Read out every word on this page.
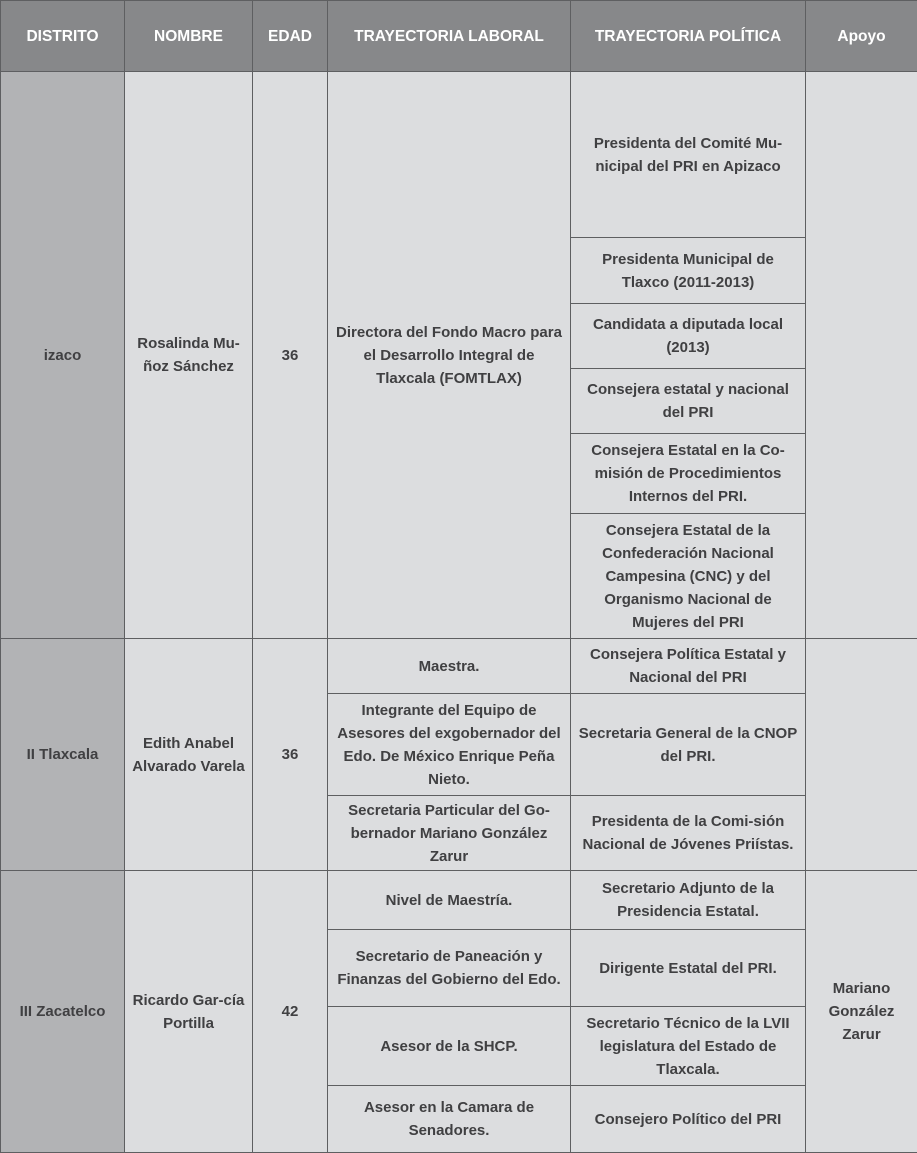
DISTRITO	NOMBRE	EDAD	TRAYECTORIA LABORAL	TRAYECTORIA POLÍTICA	Apoyo
izaco	Rosalinda Mu-ñoz Sánchez	36	Directora del Fondo Macro para el Desarrollo Integral de Tlaxcala (FOMTLAX)	Presidenta del Comité Mu-nicipal del PRI en Apizaco	
				Presidenta Municipal de Tlaxco (2011-2013)	
				Candidata a diputada local (2013)	
				Consejera estatal y nacional del PRI	
				Consejera Estatal en la Co-misión de Procedimientos Internos del PRI.	
				Consejera Estatal de la Confederación Nacional Campesina (CNC) y del Organismo Nacional de Mujeres del PRI	
II Tlaxcala	Edith Anabel Alvarado Varela	36	Maestra.	Consejera Política Estatal y Nacional del PRI	
			Integrante del Equipo de Asesores del exgobernador del Edo. De México Enrique Peña Nieto.	Secretaria General de la CNOP del PRI.	
			Secretaria Particular del Go-bernador Mariano González Zarur	Presidenta de la Comi-sión Nacional de Jóvenes Priístas.	
III Zacatelco	Ricardo Gar-cía Portilla	42	Nivel de Maestría.	Secretario Adjunto de la Presidencia Estatal.	Mariano González Zarur
			Secretario de Paneación y Finanzas del Gobierno del Edo.	Dirigente Estatal del PRI.	
			Asesor de la SHCP.	Secretario Técnico de la LVII legislatura del Estado de Tlaxcala.	
			Asesor en la Camara de Senadores.	Consejero Político del PRI	
